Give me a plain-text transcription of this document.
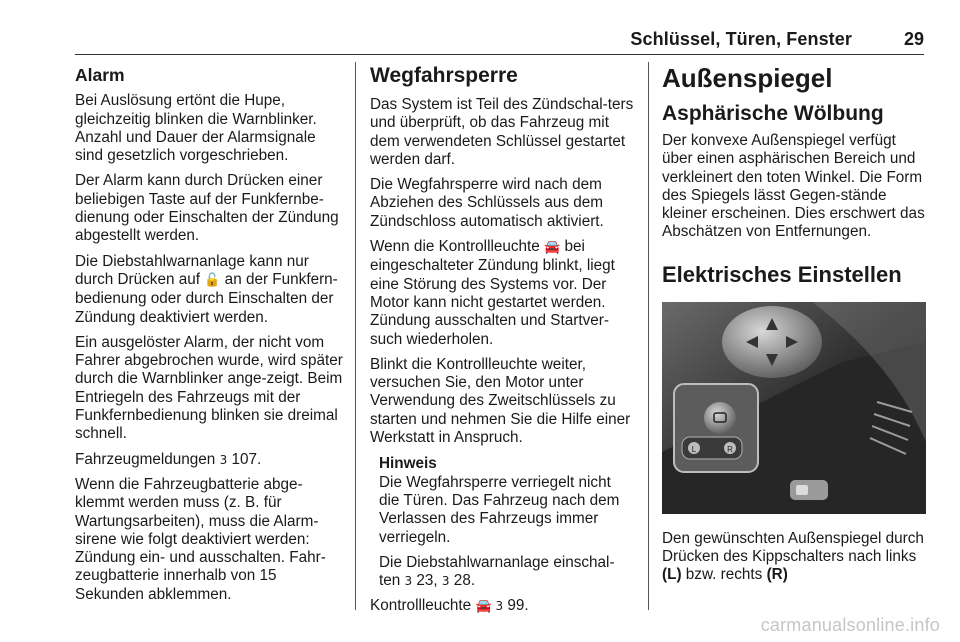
Schlüssel, Türen, Fenster	29
Alarm

Bei Auslösung ertönt die Hupe, gleichzeitig blinken die Warnblinker. Anzahl und Dauer der Alarmsignale sind gesetzlich vorgeschrieben.

Der Alarm kann durch Drücken einer beliebigen Taste auf der Funkfernbe-dienung oder Einschalten der Zündung abgestellt werden.

Die Diebstahlwarnanlage kann nur durch Drücken auf 🔓 an der Funkfern-bedienung oder durch Einschalten der Zündung deaktiviert werden.

Ein ausgelöster Alarm, der nicht vom Fahrer abgebrochen wurde, wird später durch die Warnblinker ange-zeigt. Beim Entriegeln des Fahrzeugs mit der Funkfernbedienung blinken sie dreimal schnell.

Fahrzeugmeldungen 3 107.

Wenn die Fahrzeugbatterie abge-klemmt werden muss (z. B. für Wartungsarbeiten), muss die Alarm-sirene wie folgt deaktiviert werden: Zündung ein- und ausschalten. Fahr-zeugbatterie innerhalb von 15 Sekunden abklemmen.

Wegfahrsperre

Das System ist Teil des Zündschal-ters und überprüft, ob das Fahrzeug mit dem verwendeten Schlüssel gestartet werden darf.

Die Wegfahrsperre wird nach dem Abziehen des Schlüssels aus dem Zündschloss automatisch aktiviert.

Wenn die Kontrollleuchte 🚘 bei eingeschalteter Zündung blinkt, liegt eine Störung des Systems vor. Der Motor kann nicht gestartet werden. Zündung ausschalten und Startver-such wiederholen.

Blinkt die Kontrollleuchte weiter, versuchen Sie, den Motor unter Verwendung des Zweitschlüssels zu starten und nehmen Sie die Hilfe einer Werkstatt in Anspruch.

Hinweis

Die Wegfahrsperre verriegelt nicht die Türen. Das Fahrzeug nach dem Verlassen des Fahrzeugs immer verriegeln.

Die Diebstahlwarnanlage einschal-ten 3 23, 3 28.

Kontrollleuchte 🚘 3 99.

Außenspiegel
Asphärische Wölbung

Der konvexe Außenspiegel verfügt über einen asphärischen Bereich und verkleinert den toten Winkel. Die Form des Spiegels lässt Gegen-stände kleiner erscheinen. Dies erschwert das Abschätzen von Entfernungen.

Elektrisches Einstellen
L	R

Den gewünschten Außenspiegel durch Drücken des Kippschalters nach links (L) bzw. rechts (R)

carmanualsonline.info
